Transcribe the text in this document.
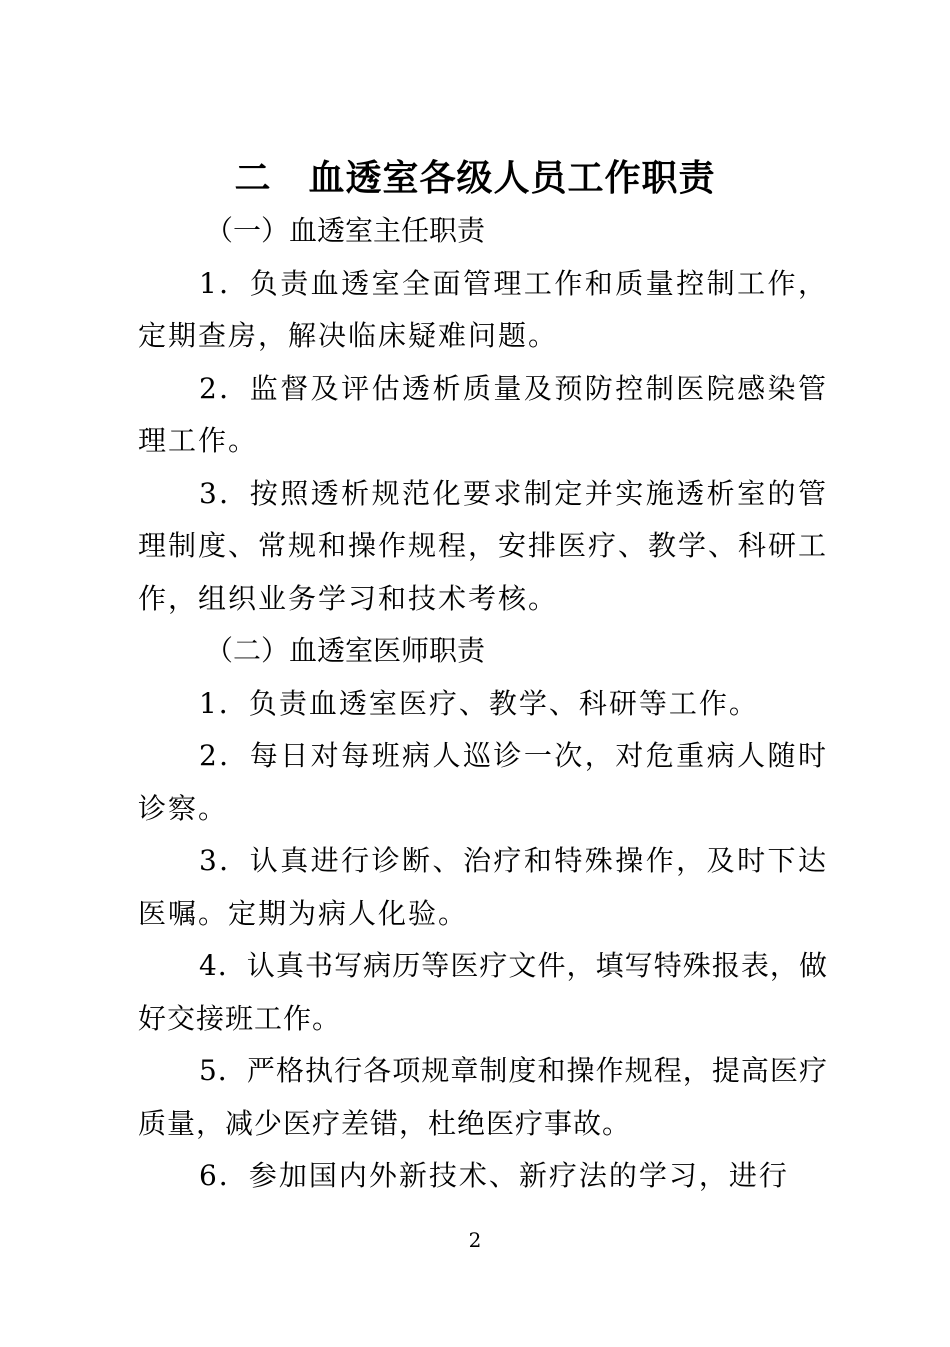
二　血透室各级人员工作职责

（一）血透室主任职责

1．负责血透室全面管理工作和质量控制工作，定期查房，解决临床疑难问题。

2．监督及评估透析质量及预防控制医院感染管理工作。

3．按照透析规范化要求制定并实施透析室的管理制度、常规和操作规程，安排医疗、教学、科研工作，组织业务学习和技术考核。

（二）血透室医师职责

1．负责血透室医疗、教学、科研等工作。

2．每日对每班病人巡诊一次，对危重病人随时诊察。

3．认真进行诊断、治疗和特殊操作，及时下达医嘱。定期为病人化验。

4．认真书写病历等医疗文件，填写特殊报表，做好交接班工作。

5．严格执行各项规章制度和操作规程，提高医疗质量，减少医疗差错，杜绝医疗事故。

6．参加国内外新技术、新疗法的学习，进行

2
